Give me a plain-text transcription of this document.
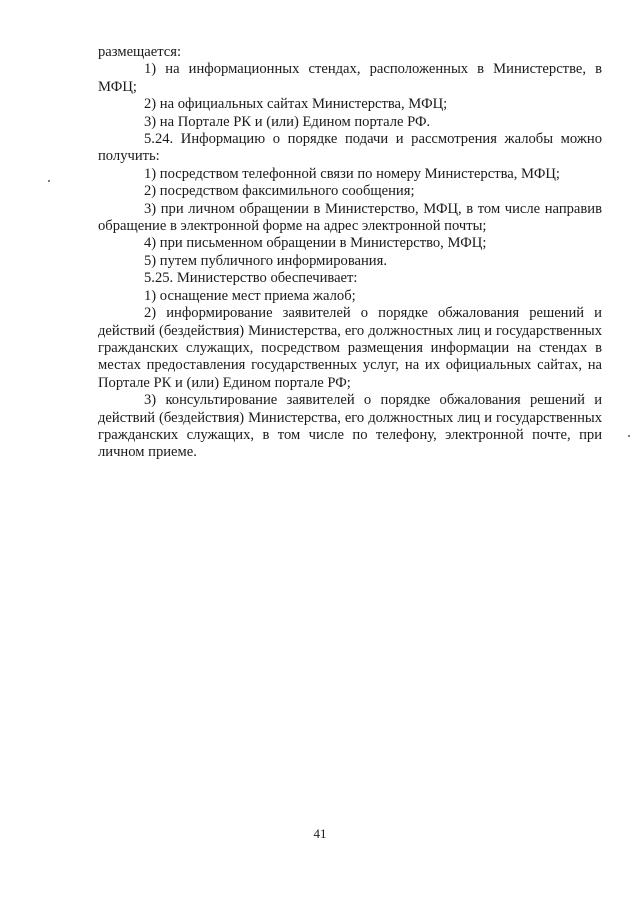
размещается:

1) на информационных стендах, расположенных в Министерстве, в МФЦ;

2) на официальных сайтах Министерства, МФЦ;

3) на Портале РК и (или) Едином портале РФ.

5.24. Информацию о порядке подачи и рассмотрения жалобы можно получить:

1) посредством телефонной связи по номеру Министерства, МФЦ;

2) посредством факсимильного сообщения;

3) при личном обращении в Министерство, МФЦ, в том числе направив обращение в электронной форме на адрес электронной почты;

4) при письменном обращении в Министерство, МФЦ;

5) путем публичного информирования.

5.25. Министерство обеспечивает:

1) оснащение мест приема жалоб;

2) информирование заявителей о порядке обжалования решений и действий (бездействия) Министерства, его должностных лиц и государственных гражданских служащих, посредством размещения информации на стендах в местах предоставления государственных услуг, на их официальных сайтах, на Портале РК и (или) Едином портале РФ;

3) консультирование заявителей о порядке обжалования решений и действий (бездействия) Министерства, его должностных лиц и государственных гражданских служащих, в том числе по телефону, электронной почте, при личном приеме.

41
